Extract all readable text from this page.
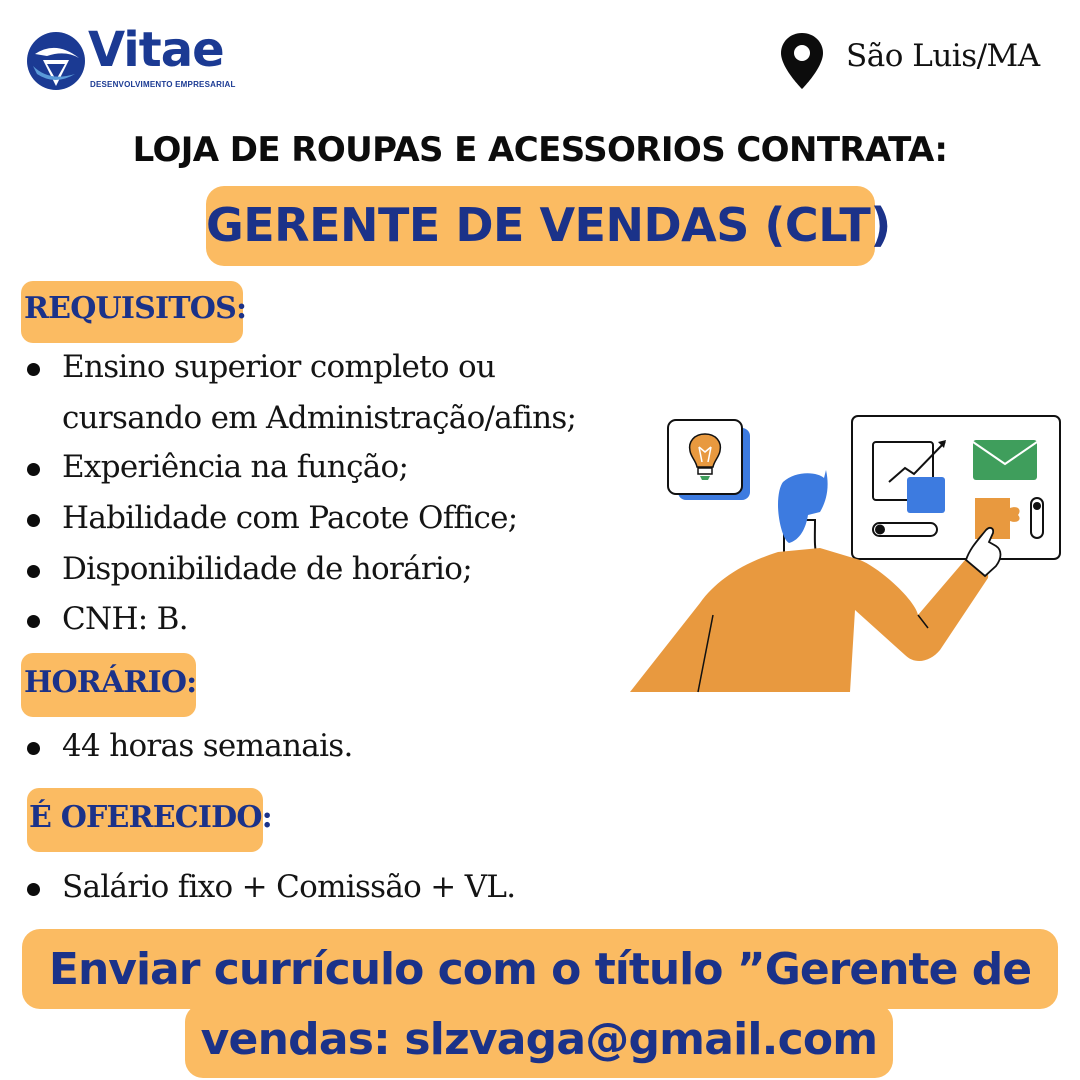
Vitae
DESENVOLVIMENTO EMPRESARIAL
São Luis/MA
LOJA DE ROUPAS E ACESSORIOS CONTRATA:
GERENTE DE VENDAS (CLT)
REQUISITOS:
Ensino superior completo ou
cursando em Administração/afins;
Experiência na função;
Habilidade com Pacote Office;
Disponibilidade de horário;
CNH: B.
HORÁRIO:
44 horas semanais.
É OFERECIDO:
Salário fixo + Comissão + VL.
Enviar currículo com o título ”Gerente de
vendas: slzvaga@gmail.com
